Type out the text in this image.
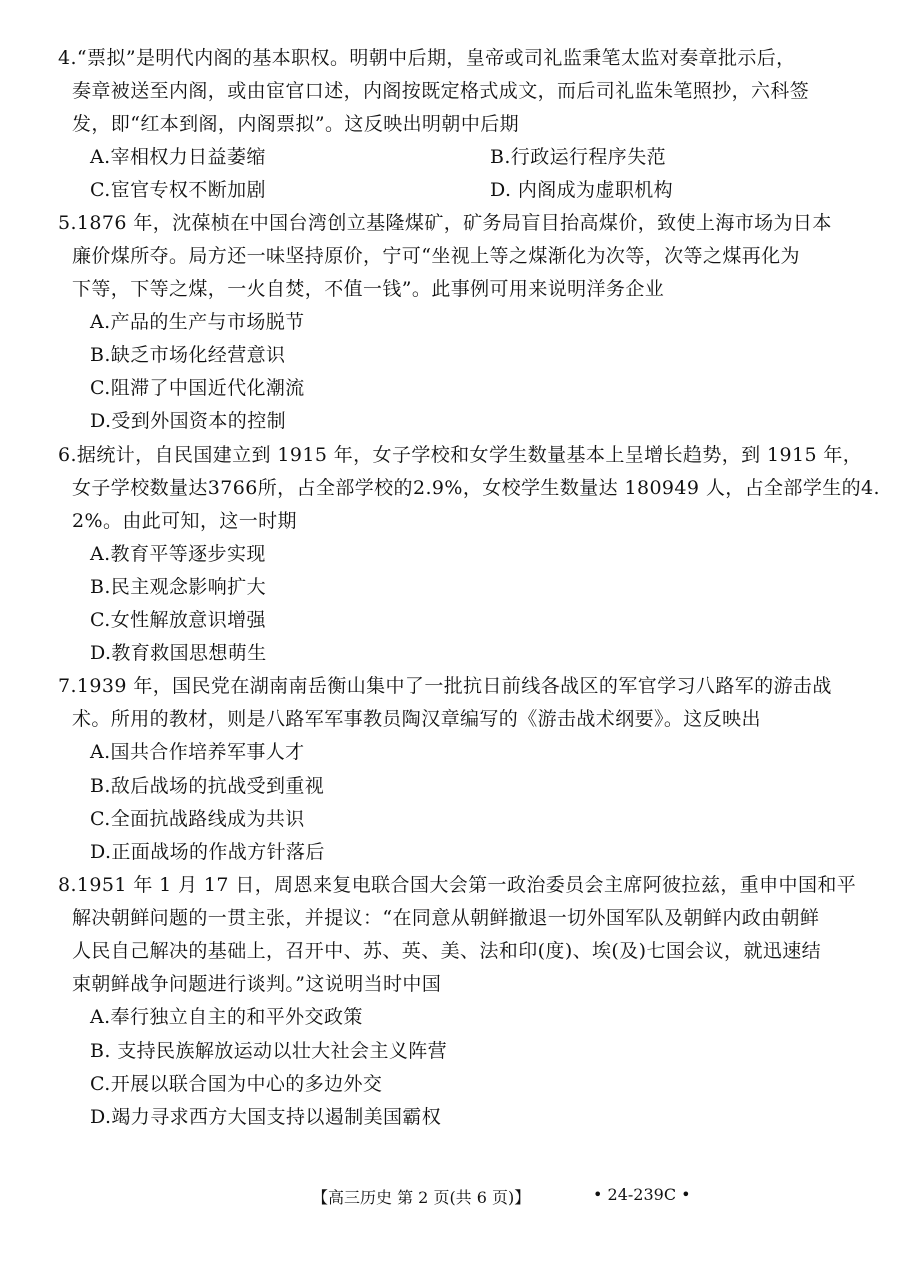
4.“票拟”是明代内阁的基本职权。明朝中后期，皇帝或司礼监秉笔太监对奏章批示后，
奏章被送至内阁，或由宦官口述，内阁按既定格式成文，而后司礼监朱笔照抄，六科签
发，即“红本到阁，内阁票拟”。这反映出明朝中后期
A.宰相权力日益萎缩	B.行政运行程序失范
C.宦官专权不断加剧	D. 内阁成为虚职机构
5.1876 年，沈葆桢在中国台湾创立基隆煤矿，矿务局盲目抬高煤价，致使上海市场为日本
廉价煤所夺。局方还一味坚持原价，宁可“坐视上等之煤渐化为次等，次等之煤再化为
下等，下等之煤，一火自焚，不值一钱”。此事例可用来说明洋务企业
A.产品的生产与市场脱节
B.缺乏市场化经营意识
C.阻滞了中国近代化潮流
D.受到外国资本的控制
6.据统计，自民国建立到 1915 年，女子学校和女学生数量基本上呈增长趋势，到 1915 年，
女子学校数量达3766所，占全部学校的2.9%，女校学生数量达 180949 人，占全部学生的4.
2%。由此可知，这一时期
A.教育平等逐步实现
B.民主观念影响扩大
C.女性解放意识增强
D.教育救国思想萌生
7.1939 年，国民党在湖南南岳衡山集中了一批抗日前线各战区的军官学习八路军的游击战
术。所用的教材，则是八路军军事教员陶汉章编写的《游击战术纲要》。这反映出
A.国共合作培养军事人才
B.敌后战场的抗战受到重视
C.全面抗战路线成为共识
D.正面战场的作战方针落后
8.1951 年 1 月 17 日，周恩来复电联合国大会第一政治委员会主席阿彼拉兹，重申中国和平
解决朝鲜问题的一贯主张，并提议：“在同意从朝鲜撤退一切外国军队及朝鲜内政由朝鲜
人民自己解决的基础上，召开中、苏、英、美、法和印(度)、埃(及)七国会议，就迅速结
束朝鲜战争问题进行谈判。”这说明当时中国
A.奉行独立自主的和平外交政策
B. 支持民族解放运动以壮大社会主义阵营
C.开展以联合国为中心的多边外交
D.竭力寻求西方大国支持以遏制美国霸权
【高三历史 第 2 页(共 6 页)】	• 24-239C •
